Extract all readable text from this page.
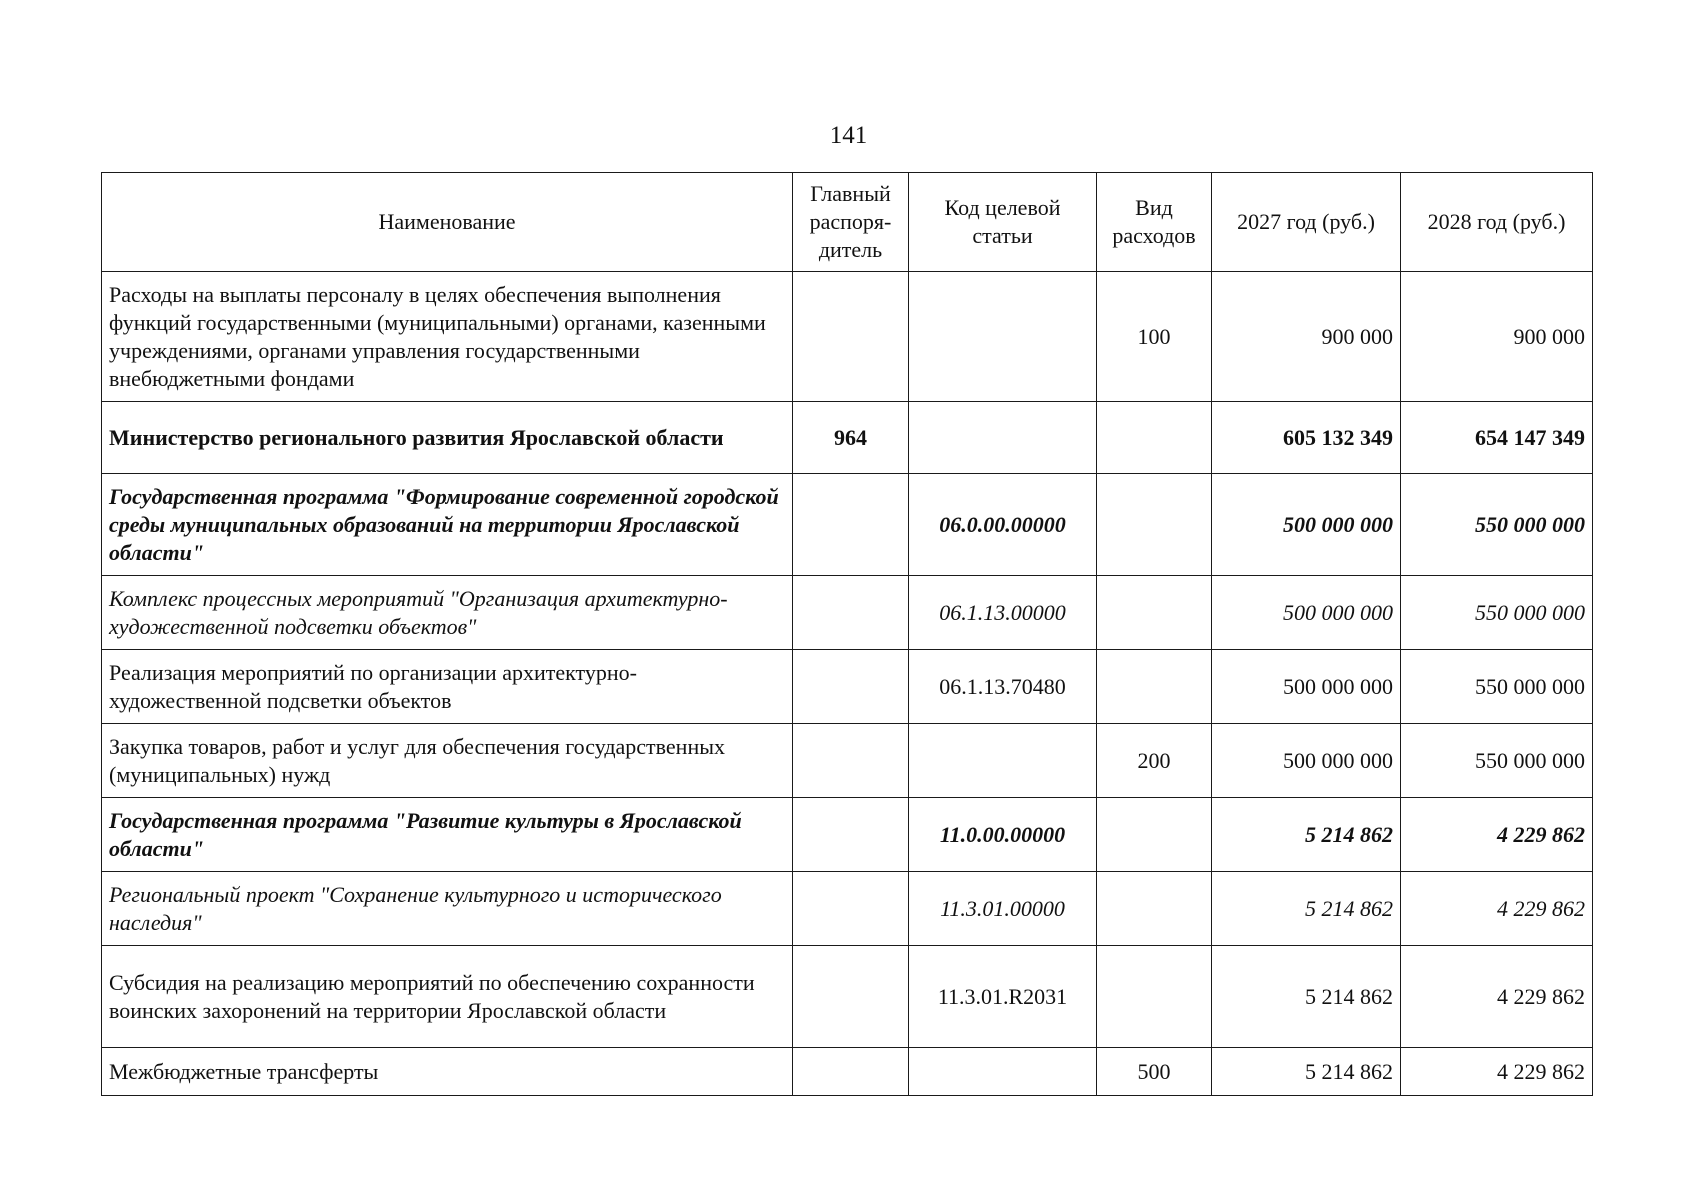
141
Наименование	Главный распоря-дитель	Код целевой статьи	Вид расходов	2027 год (руб.)	2028 год (руб.)
Расходы на выплаты персоналу в целях обеспечения выполнения функций государственными (муниципальными) органами, казенными учреждениями, органами управления государственными внебюджетными фондами			100	900 000	900 000
Министерство регионального развития Ярославской области	964			605 132 349	654 147 349
Государственная программа "Формирование современной городской среды муниципальных образований на территории Ярославской области"		06.0.00.00000		500 000 000	550 000 000
Комплекс процессных мероприятий "Организация архитектурно-художественной подсветки объектов"		06.1.13.00000		500 000 000	550 000 000
Реализация мероприятий по организации архитектурно-художественной подсветки объектов		06.1.13.70480		500 000 000	550 000 000
Закупка товаров, работ и услуг для обеспечения государственных (муниципальных) нужд			200	500 000 000	550 000 000
Государственная программа "Развитие культуры в Ярославской области"		11.0.00.00000		5 214 862	4 229 862
Региональный проект "Сохранение культурного и исторического наследия"		11.3.01.00000		5 214 862	4 229 862
Субсидия на реализацию мероприятий по обеспечению сохранности воинских захоронений на территории Ярославской области		11.3.01.R2031		5 214 862	4 229 862
Межбюджетные трансферты			500	5 214 862	4 229 862
